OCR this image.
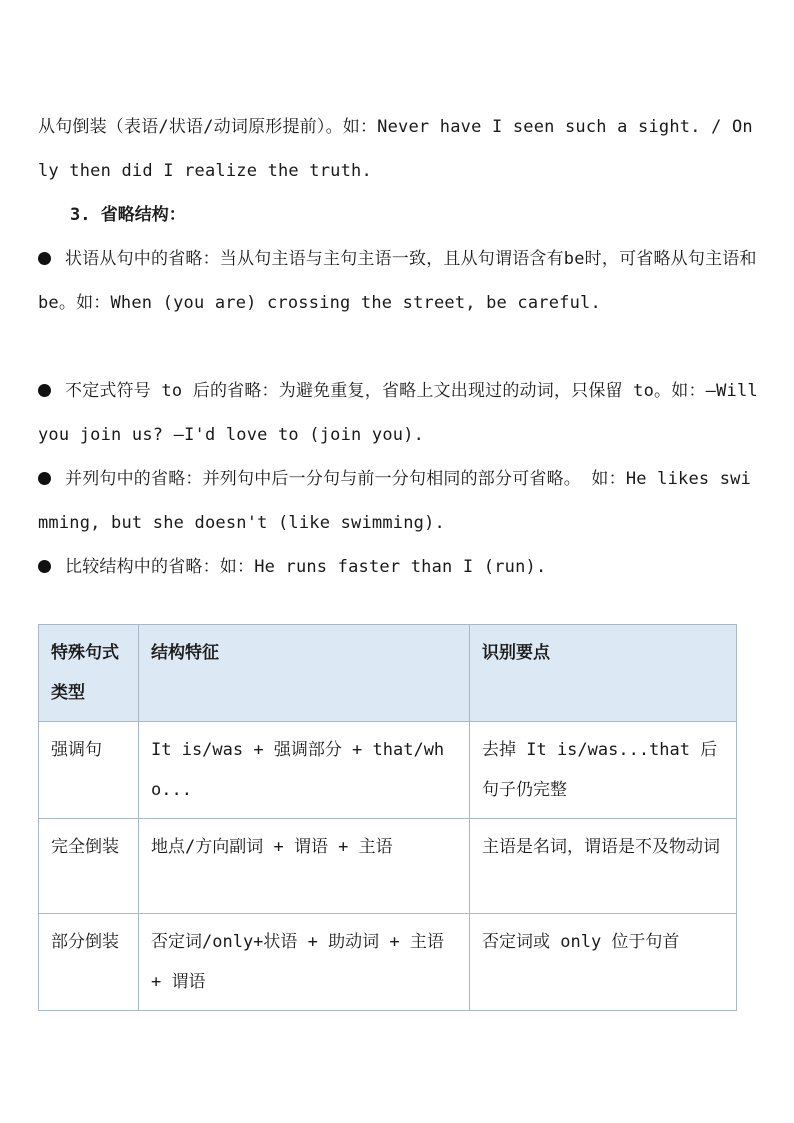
从句倒装（表语/状语/动词原形提前）。如：Never have I seen such a sight. / Only then did I realize the truth.
3. 省略结构：
状语从句中的省略：当从句主语与主句主语一致，且从句谓语含有be时，可省略从句主语和 be。如：When (you are) crossing the street, be careful.
不定式符号 to 后的省略：为避免重复，省略上文出现过的动词，只保留 to。如：—Will you join us? —I'd love to (join you).
并列句中的省略：并列句中后一分句与前一分句相同的部分可省略。 如：He likes swimming, but she doesn't (like swimming).
比较结构中的省略：如：He runs faster than I (run).
特殊句式类型	结构特征	识别要点
强调句	It is/was + 强调部分 + that/who...	去掉 It is/was...that 后句子仍完整
完全倒装	地点/方向副词 + 谓语 + 主语	主语是名词，谓语是不及物动词
部分倒装	否定词/only+状语 + 助动词 + 主语 + 谓语	否定词或 only 位于句首
